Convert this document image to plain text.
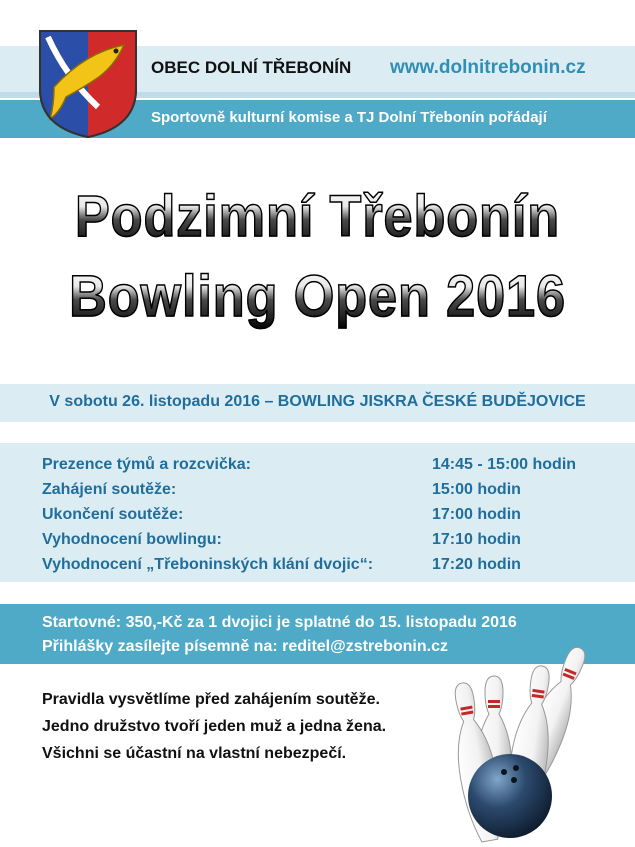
OBEC DOLNÍ TŘEBONÍN www.dolnitrebonin.cz
Sportovně kulturní komise a TJ Dolní Třebonín pořádají
Podzimní Třebonín
Bowling Open 2016
V sobotu 26. listopadu 2016 – BOWLING JISKRA ČESKÉ BUDĚJOVICE
Prezence týmů a rozcvička:	14:45 - 15:00 hodin
Zahájení soutěže:	15:00 hodin
Ukončení soutěže:	17:00 hodin
Vyhodnocení bowlingu:	17:10 hodin
Vyhodnocení „Třeboninských klání dvojic“:	17:20 hodin
Startovné: 350,-Kč za 1 dvojici je splatné do 15. listopadu 2016
Přihlášky zasílejte písemně na: reditel@zstrebonin.cz
Pravidla vysvětlíme před zahájením soutěže.
Jedno družstvo tvoří jeden muž a jedna žena.
Všichni se účastní na vlastní nebezpečí.
